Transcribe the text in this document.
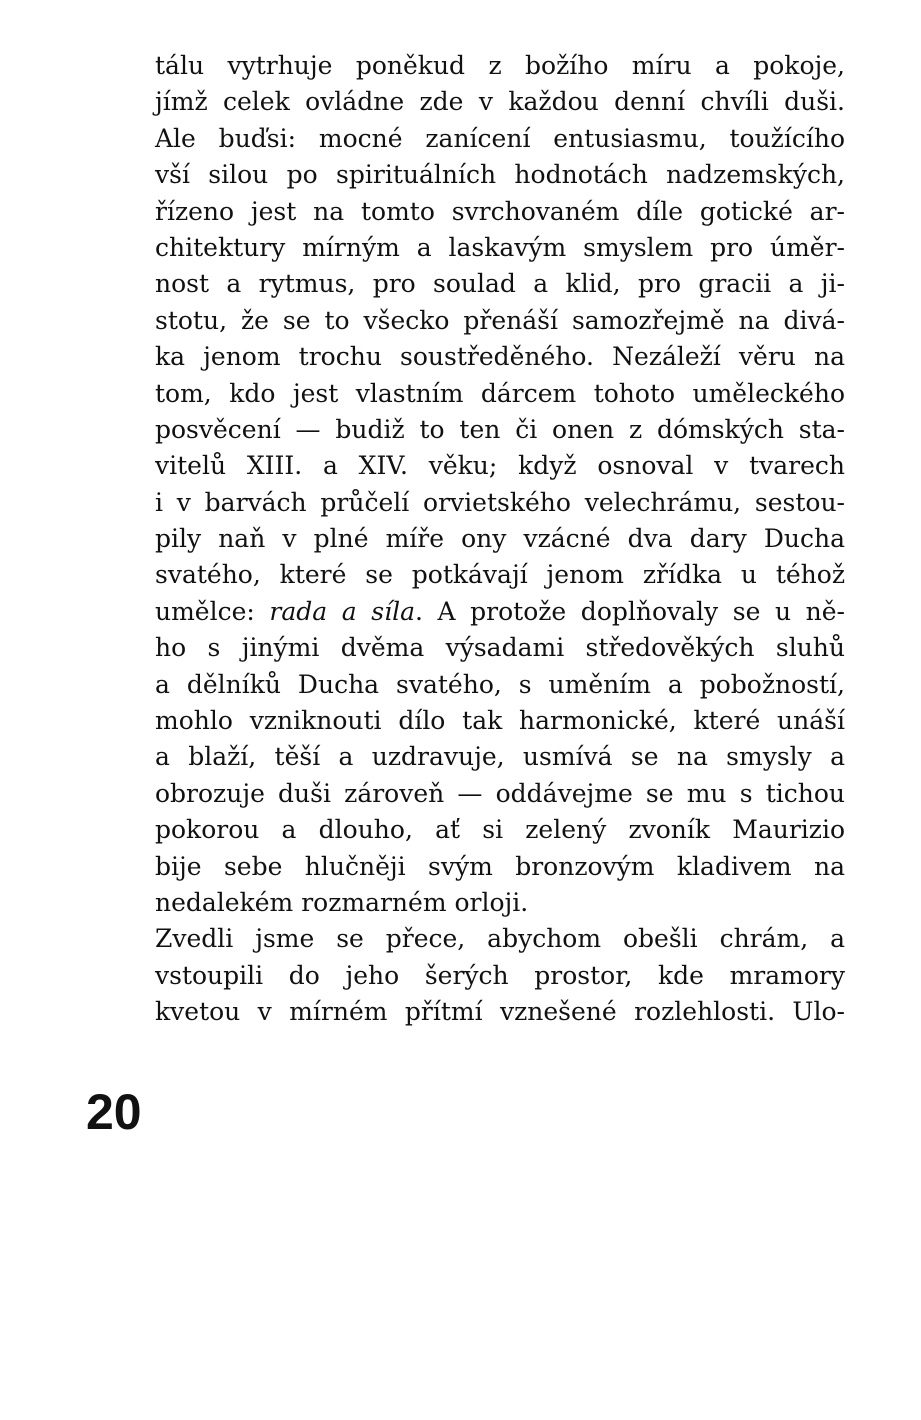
tálu vytrhuje poněkud z božího míru a pokoje,
jímž celek ovládne zde v každou denní chvíli duši.
Ale buďsi: mocné zanícení entusiasmu, toužícího
vší silou po spirituálních hodnotách nadzemských,
řízeno jest na tomto svrchovaném díle gotické ar-
chitektury mírným a laskavým smyslem pro úměr-
nost a rytmus, pro soulad a klid, pro gracii a ji-
stotu, že se to všecko přenáší samozřejmě na divá-
ka jenom trochu soustředěného. Nezáleží věru na
tom, kdo jest vlastním dárcem tohoto uměleckého
posvěcení — budiž to ten či onen z dómských sta-
vitelů XIII. a XIV. věku; když osnoval v tvarech
i v barvách průčelí orvietského velechrámu, sestou-
pily naň v plné míře ony vzácné dva dary Ducha
svatého, které se potkávají jenom zřídka u téhož
umělce: rada a síla. A protože doplňovaly se u ně-
ho s jinými dvěma výsadami středověkých sluhů
a dělníků Ducha svatého, s uměním a pobožností,
mohlo vzniknouti dílo tak harmonické, které unáší
a blaží, těší a uzdravuje, usmívá se na smysly a
obrozuje duši zároveň — oddávejme se mu s tichou
pokorou a dlouho, ať si zelený zvoník Maurizio
bije sebe hlučněji svým bronzovým kladivem na
nedalekém rozmarném orloji.
Zvedli jsme se přece, abychom obešli chrám, a
vstoupili do jeho šerých prostor, kde mramory
kvetou v mírném přítmí vznešené rozlehlosti. Ulo-
20
